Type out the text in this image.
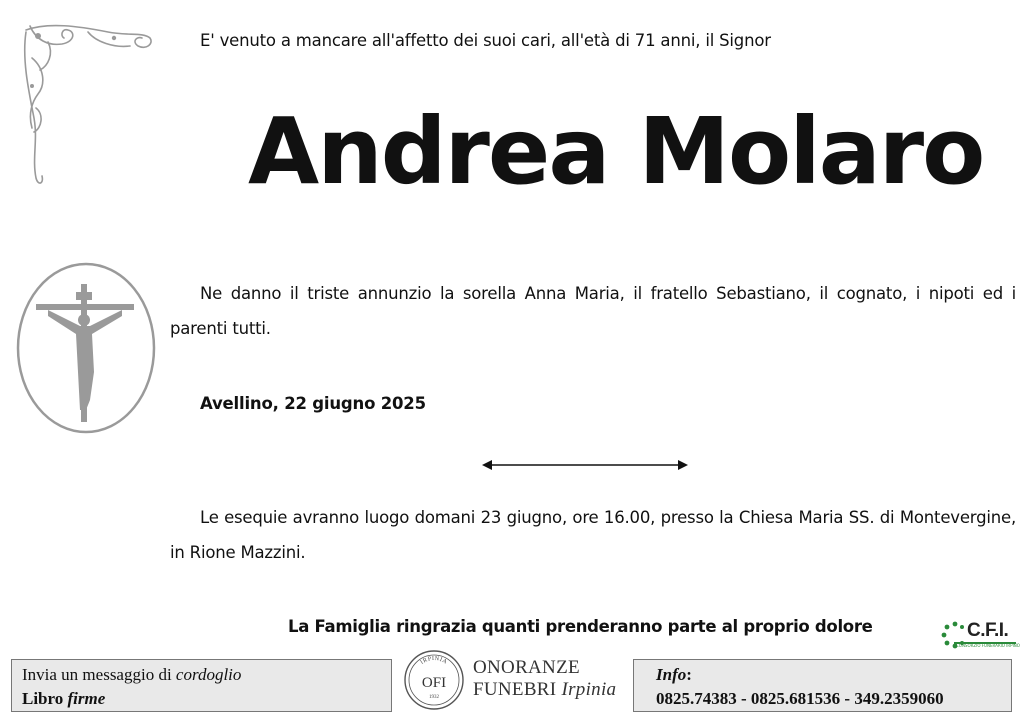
E' venuto a mancare all'affetto dei suoi cari, all'età di 71 anni, il Signor
Andrea Molaro
Ne danno il triste annunzio la sorella Anna Maria, il fratello Sebastiano, il cognato, i nipoti ed i parenti tutti.
Avellino, 22 giugno 2025
Le esequie avranno luogo domani 23 giugno, ore 16.00, presso la Chiesa Maria SS. di Montevergine, in Rione Mazzini.
La Famiglia ringrazia quanti prenderanno parte al proprio dolore	C.F.I.
CONSORZIO FUNERARIO IRPINO
Invia un messaggio di cordoglio
Libro firme
IRPINIA
OFI
1932
ONORANZE
FUNEBRI Irpinia
Info:
0825.74383 - 0825.681536 - 349.2359060
